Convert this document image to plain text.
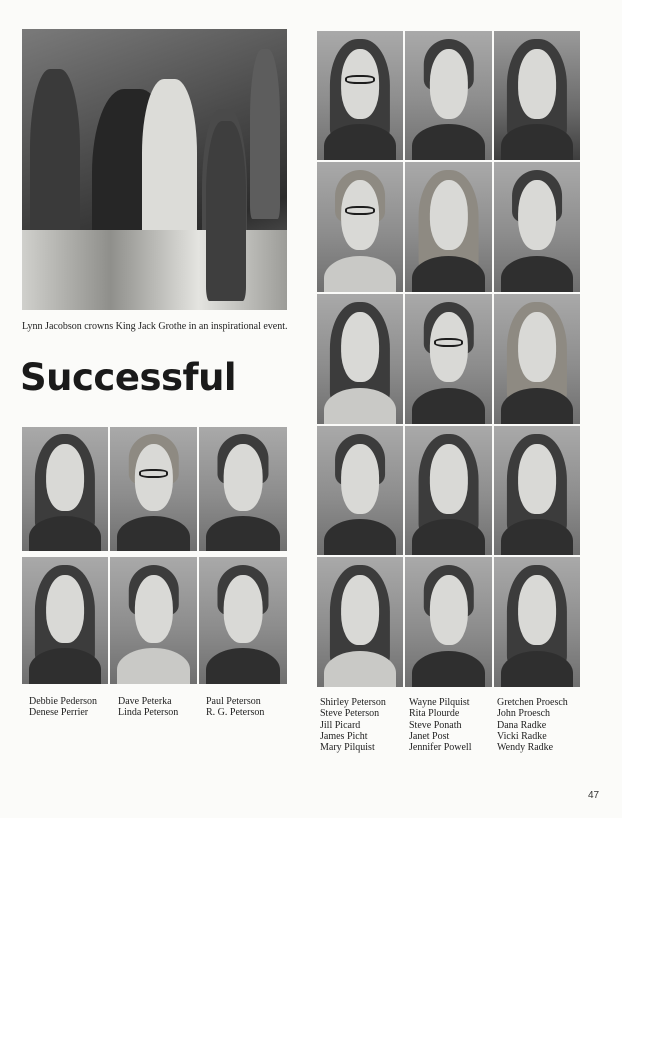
Lynn Jacobson crowns King Jack Grothe in an inspirational event.

Successful
Debbie Pederson
Denese Perrier
Dave Peterka
Linda Peterson
Paul Peterson
R. G. Peterson
Shirley Peterson
Steve Peterson
Jill Picard
James Picht
Mary Pilquist
Wayne Pilquist
Rita Plourde
Steve Ponath
Janet Post
Jennifer Powell
Gretchen Proesch
John Proesch
Dana Radke
Vicki Radke
Wendy Radke
47
